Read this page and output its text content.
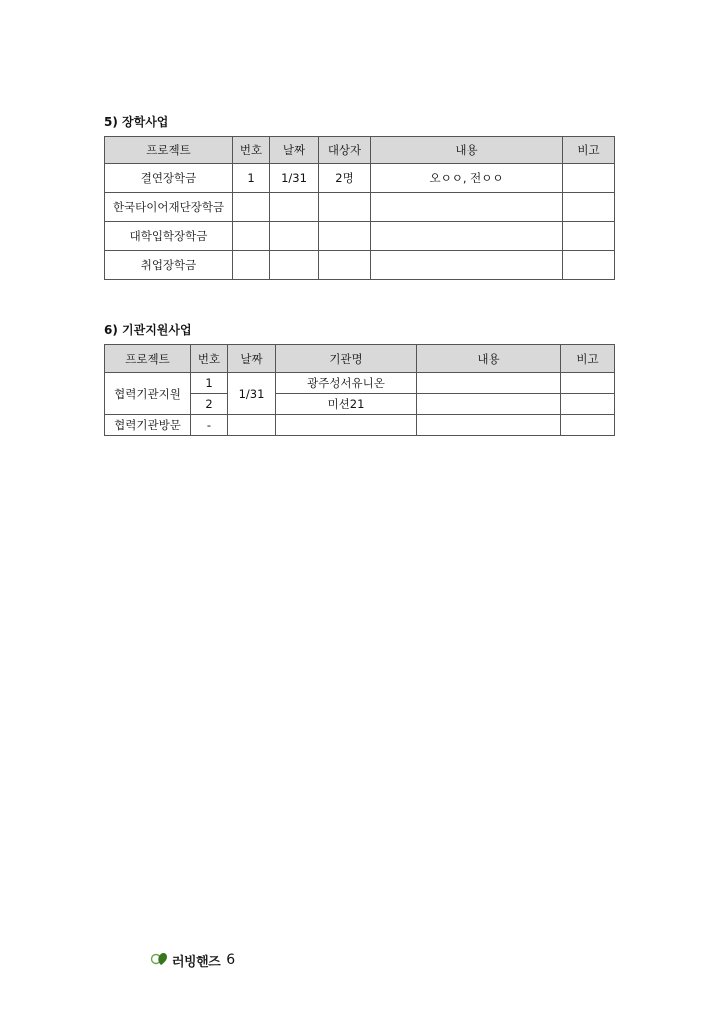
5) 장학사업
프로젝트	번호	날짜	대상자	내용	비고
결연장학금	1	1/31	2명	오ㅇㅇ, 전ㅇㅇ	
한국타이어재단장학금					
대학입학장학금					
취업장학금					
6) 기관지원사업
프로젝트	번호	날짜	기관명	내용	비고
협력기관지원	1	1/31	광주성서유니온		
	2		미션21		
협력기관방문	-				
러빙핸즈 6
